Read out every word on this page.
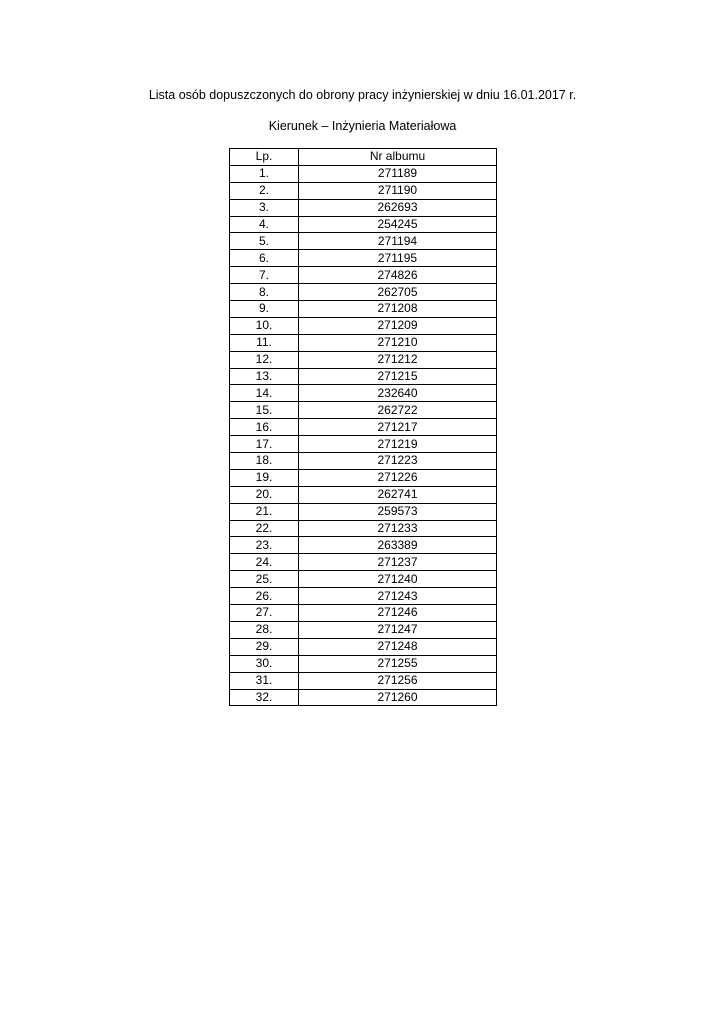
Lista osób dopuszczonych do obrony pracy inżynierskiej w dniu 16.01.2017 r.
Kierunek – Inżynieria Materiałowa
Lp.	Nr albumu
1.	271189
2.	271190
3.	262693
4.	254245
5.	271194
6.	271195
7.	274826
8.	262705
9.	271208
10.	271209
11.	271210
12.	271212
13.	271215
14.	232640
15.	262722
16.	271217
17.	271219
18.	271223
19.	271226
20.	262741
21.	259573
22.	271233
23.	263389
24.	271237
25.	271240
26.	271243
27.	271246
28.	271247
29.	271248
30.	271255
31.	271256
32.	271260
